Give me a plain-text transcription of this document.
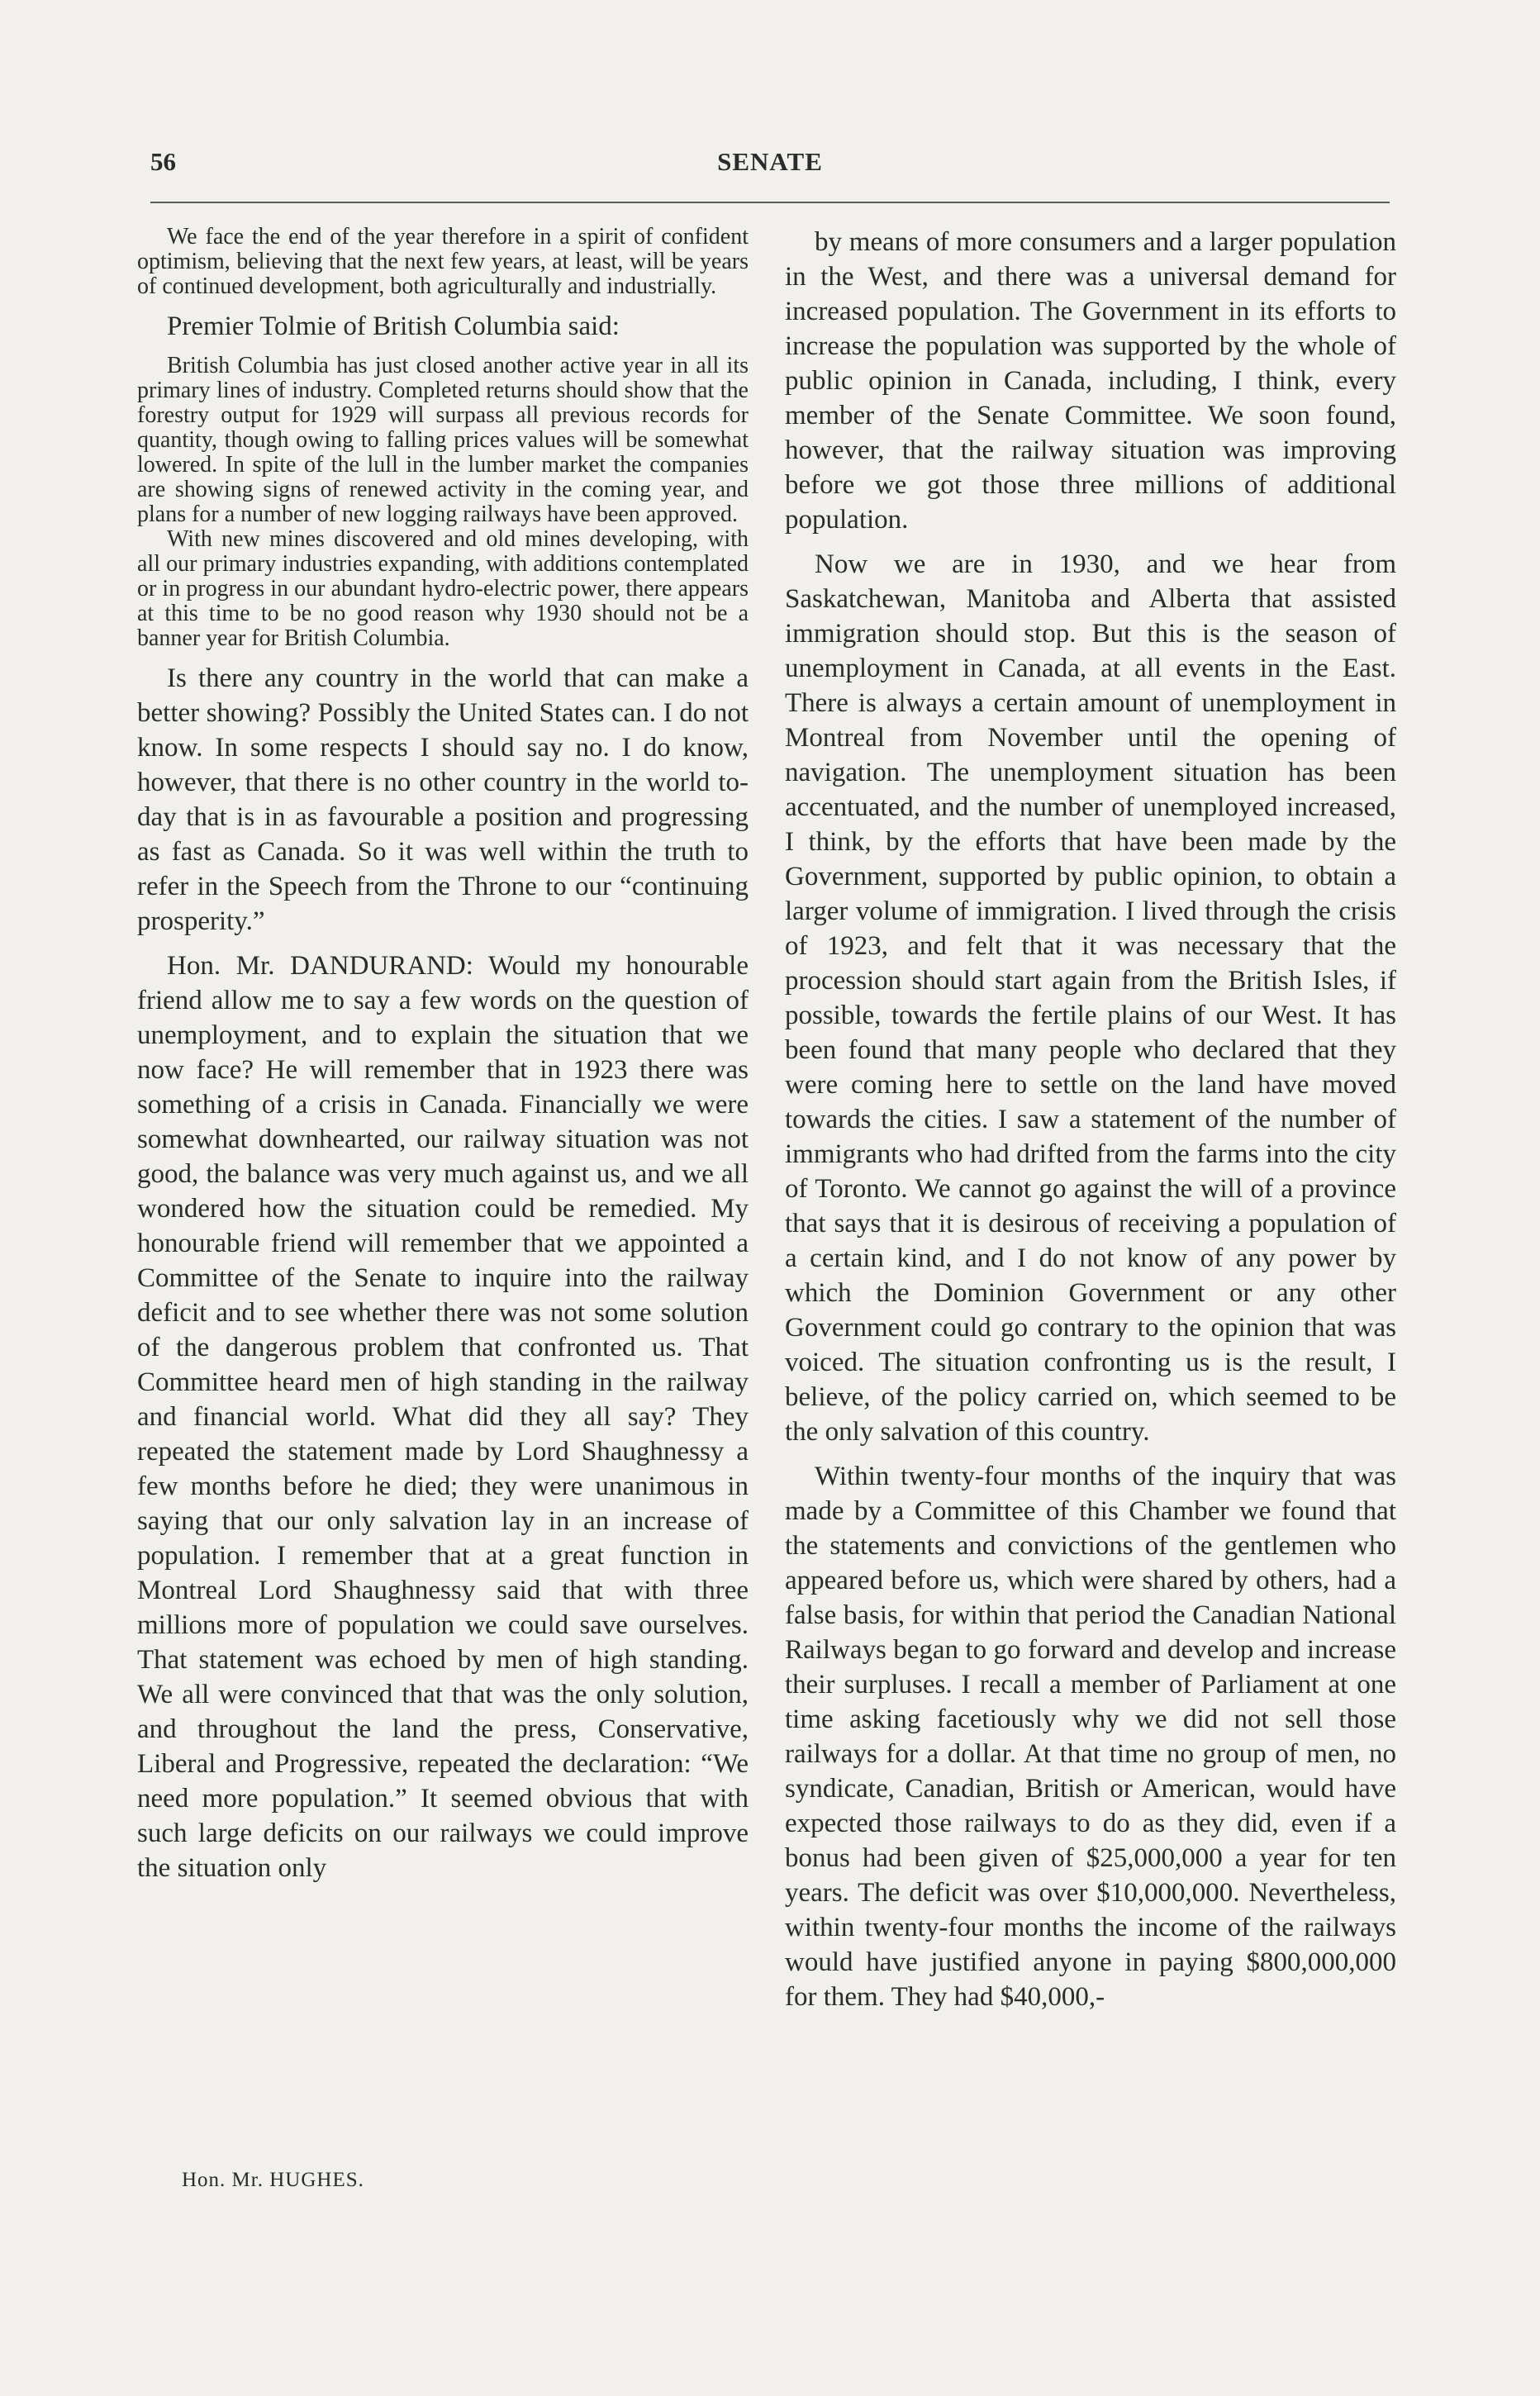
56	SENATE

We face the end of the year therefore in a spirit of confident optimism, believing that the next few years, at least, will be years of continued development, both agriculturally and industrially.

Premier Tolmie of British Columbia said:

British Columbia has just closed another active year in all its primary lines of industry. Completed returns should show that the forestry output for 1929 will surpass all previous records for quantity, though owing to falling prices values will be somewhat lowered. In spite of the lull in the lumber market the companies are showing signs of renewed activity in the coming year, and plans for a number of new logging railways have been approved.

With new mines discovered and old mines developing, with all our primary industries expanding, with additions contemplated or in progress in our abundant hydro-electric power, there appears at this time to be no good reason why 1930 should not be a banner year for British Columbia.

Is there any country in the world that can make a better showing? Possibly the United States can. I do not know. In some respects I should say no. I do know, however, that there is no other country in the world to-day that is in as favourable a position and progressing as fast as Canada. So it was well within the truth to refer in the Speech from the Throne to our “continuing prosperity.”

Hon. Mr. DANDURAND: Would my honourable friend allow me to say a few words on the question of unemployment, and to explain the situation that we now face? He will remember that in 1923 there was something of a crisis in Canada. Financially we were somewhat downhearted, our railway situation was not good, the balance was very much against us, and we all wondered how the situation could be remedied. My honourable friend will remember that we appointed a Committee of the Senate to inquire into the railway deficit and to see whether there was not some solution of the dangerous problem that confronted us. That Committee heard men of high standing in the railway and financial world. What did they all say? They repeated the statement made by Lord Shaughnessy a few months before he died; they were unanimous in saying that our only salvation lay in an increase of population. I remember that at a great function in Montreal Lord Shaughnessy said that with three millions more of population we could save ourselves. That statement was echoed by men of high standing. We all were convinced that that was the only solution, and throughout the land the press, Conservative, Liberal and Progressive, repeated the declaration: “We need more population.” It seemed obvious that with such large deficits on our railways we could improve the situation only

by means of more consumers and a larger population in the West, and there was a universal demand for increased population. The Government in its efforts to increase the population was supported by the whole of public opinion in Canada, including, I think, every member of the Senate Committee. We soon found, however, that the railway situation was improving before we got those three millions of additional population.

Now we are in 1930, and we hear from Saskatchewan, Manitoba and Alberta that assisted immigration should stop. But this is the season of unemployment in Canada, at all events in the East. There is always a certain amount of unemployment in Montreal from November until the opening of navigation. The unemployment situation has been accentuated, and the number of unemployed increased, I think, by the efforts that have been made by the Government, supported by public opinion, to obtain a larger volume of immigration. I lived through the crisis of 1923, and felt that it was necessary that the procession should start again from the British Isles, if possible, towards the fertile plains of our West. It has been found that many people who declared that they were coming here to settle on the land have moved towards the cities. I saw a statement of the number of immigrants who had drifted from the farms into the city of Toronto. We cannot go against the will of a province that says that it is desirous of receiving a population of a certain kind, and I do not know of any power by which the Dominion Government or any other Government could go contrary to the opinion that was voiced. The situation confronting us is the result, I believe, of the policy carried on, which seemed to be the only salvation of this country.

Within twenty-four months of the inquiry that was made by a Committee of this Chamber we found that the statements and convictions of the gentlemen who appeared before us, which were shared by others, had a false basis, for within that period the Canadian National Railways began to go forward and develop and increase their surpluses. I recall a member of Parliament at one time asking facetiously why we did not sell those railways for a dollar. At that time no group of men, no syndicate, Canadian, British or American, would have expected those railways to do as they did, even if a bonus had been given of $25,000,000 a year for ten years. The deficit was over $10,000,000. Nevertheless, within twenty-four months the income of the railways would have justified anyone in paying $800,000,000 for them. They had $40,000,-

Hon. Mr. HUGHES.
